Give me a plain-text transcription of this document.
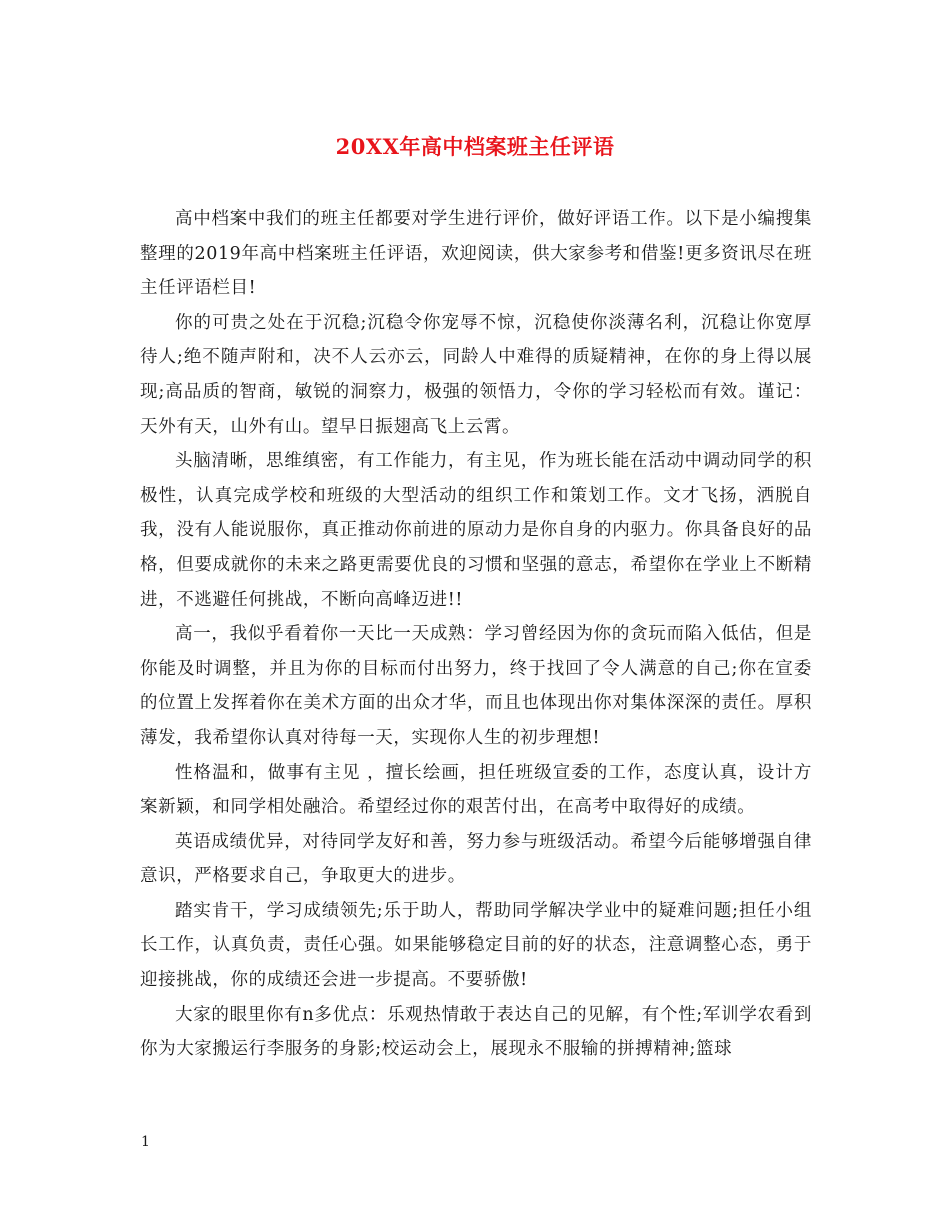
20XX年高中档案班主任评语

高中档案中我们的班主任都要对学生进行评价，做好评语工作。以下是小编搜集整理的2019年高中档案班主任评语，欢迎阅读，供大家参考和借鉴!更多资讯尽在班主任评语栏目!

你的可贵之处在于沉稳;沉稳令你宠辱不惊，沉稳使你淡薄名利，沉稳让你宽厚待人;绝不随声附和，决不人云亦云，同龄人中难得的质疑精神，在你的身上得以展现;高品质的智商，敏锐的洞察力，极强的领悟力，令你的学习轻松而有效。谨记：天外有天，山外有山。望早日振翅高飞上云霄。

头脑清晰，思维缜密，有工作能力，有主见，作为班长能在活动中调动同学的积极性，认真完成学校和班级的大型活动的组织工作和策划工作。文才飞扬，洒脱自我，没有人能说服你，真正推动你前进的原动力是你自身的内驱力。你具备良好的品格，但要成就你的未来之路更需要优良的习惯和坚强的意志，希望你在学业上不断精进，不逃避任何挑战，不断向高峰迈进!!

高一，我似乎看着你一天比一天成熟：学习曾经因为你的贪玩而陷入低估，但是你能及时调整，并且为你的目标而付出努力，终于找回了令人满意的自己;你在宣委的位置上发挥着你在美术方面的出众才华，而且也体现出你对集体深深的责任。厚积薄发，我希望你认真对待每一天，实现你人生的初步理想!

性格温和，做事有主见 ，擅长绘画，担任班级宣委的工作，态度认真，设计方案新颖，和同学相处融洽。希望经过你的艰苦付出，在高考中取得好的成绩。

英语成绩优异，对待同学友好和善，努力参与班级活动。希望今后能够增强自律意识，严格要求自己，争取更大的进步。

踏实肯干，学习成绩领先;乐于助人，帮助同学解决学业中的疑难问题;担任小组长工作，认真负责，责任心强。如果能够稳定目前的好的状态，注意调整心态，勇于迎接挑战，你的成绩还会进一步提高。不要骄傲!

大家的眼里你有n多优点：乐观热情敢于表达自己的见解，有个性;军训学农看到你为大家搬运行李服务的身影;校运动会上，展现永不服输的拼搏精神;篮球

1
